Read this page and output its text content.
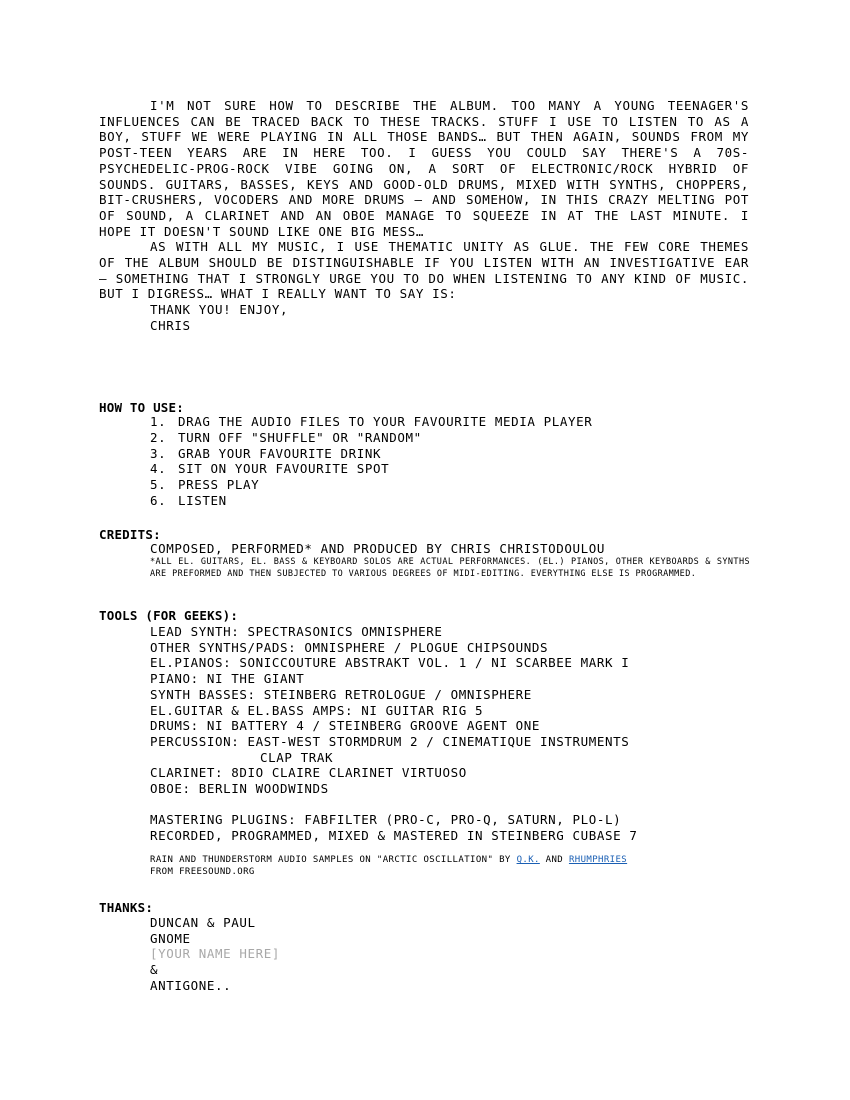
I'M NOT SURE HOW TO DESCRIBE THE ALBUM. TOO MANY A YOUNG TEENAGER'S INFLUENCES CAN BE TRACED BACK TO THESE TRACKS. STUFF I USE TO LISTEN TO AS A BOY, STUFF WE WERE PLAYING IN ALL THOSE BANDS… BUT THEN AGAIN, SOUNDS FROM MY POST-TEEN YEARS ARE IN HERE TOO. I GUESS YOU COULD SAY THERE'S A 70S-PSYCHEDELIC-PROG-ROCK VIBE GOING ON, A SORT OF ELECTRONIC/ROCK HYBRID OF SOUNDS. GUITARS, BASSES, KEYS AND GOOD-OLD DRUMS, MIXED WITH SYNTHS, CHOPPERS, BIT-CRUSHERS, VOCODERS AND MORE DRUMS – AND SOMEHOW, IN THIS CRAZY MELTING POT OF SOUND, A CLARINET AND AN OBOE MANAGE TO SQUEEZE IN AT THE LAST MINUTE. I HOPE IT DOESN'T SOUND LIKE ONE BIG MESS…

AS WITH ALL MY MUSIC, I USE THEMATIC UNITY AS GLUE. THE FEW CORE THEMES OF THE ALBUM SHOULD BE DISTINGUISHABLE IF YOU LISTEN WITH AN INVESTIGATIVE EAR – SOMETHING THAT I STRONGLY URGE YOU TO DO WHEN LISTENING TO ANY KIND OF MUSIC. BUT I DIGRESS… WHAT I REALLY WANT TO SAY IS:

THANK YOU! ENJOY,
CHRIS
HOW TO USE:
1. DRAG THE AUDIO FILES TO YOUR FAVOURITE MEDIA PLAYER
2. TURN OFF "SHUFFLE" OR "RANDOM"
3. GRAB YOUR FAVOURITE DRINK
4. SIT ON YOUR FAVOURITE SPOT
5. PRESS PLAY
6. LISTEN
CREDITS:
COMPOSED, PERFORMED* AND PRODUCED BY CHRIS CHRISTODOULOU
*ALL EL. GUITARS, EL. BASS & KEYBOARD SOLOS ARE ACTUAL PERFORMANCES. (EL.) PIANOS, OTHER KEYBOARDS & SYNTHS ARE PREFORMED AND THEN SUBJECTED TO VARIOUS DEGREES OF MIDI-EDITING. EVERYTHING ELSE IS PROGRAMMED.
TOOLS (FOR GEEKS):
LEAD SYNTH: SPECTRASONICS OMNISPHERE
OTHER SYNTHS/PADS: OMNISPHERE / PLOGUE CHIPSOUNDS
EL.PIANOS: SONICCOUTURE ABSTRAKT VOL. 1 / NI SCARBEE MARK I
PIANO: NI THE GIANT
SYNTH BASSES: STEINBERG RETROLOGUE / OMNISPHERE
EL.GUITAR & EL.BASS AMPS: NI GUITAR RIG 5
DRUMS: NI BATTERY 4 / STEINBERG GROOVE AGENT ONE
PERCUSSION: EAST-WEST STORMDRUM 2 / CINEMATIQUE INSTRUMENTS
CLAP TRAK
CLARINET: 8DIO CLAIRE CLARINET VIRTUOSO
OBOE: BERLIN WOODWINDS
MASTERING PLUGINS: FABFILTER (PRO-C, PRO-Q, SATURN, PLO-L)
RECORDED, PROGRAMMED, MIXED & MASTERED IN STEINBERG CUBASE 7
RAIN AND THUNDERSTORM AUDIO SAMPLES ON "ARCTIC OSCILLATION" BY Q.K. AND RHUMPHRIES
FROM FREESOUND.ORG
THANKS:
DUNCAN & PAUL
GNOME
[YOUR NAME HERE]
&
ANTIGONE..
